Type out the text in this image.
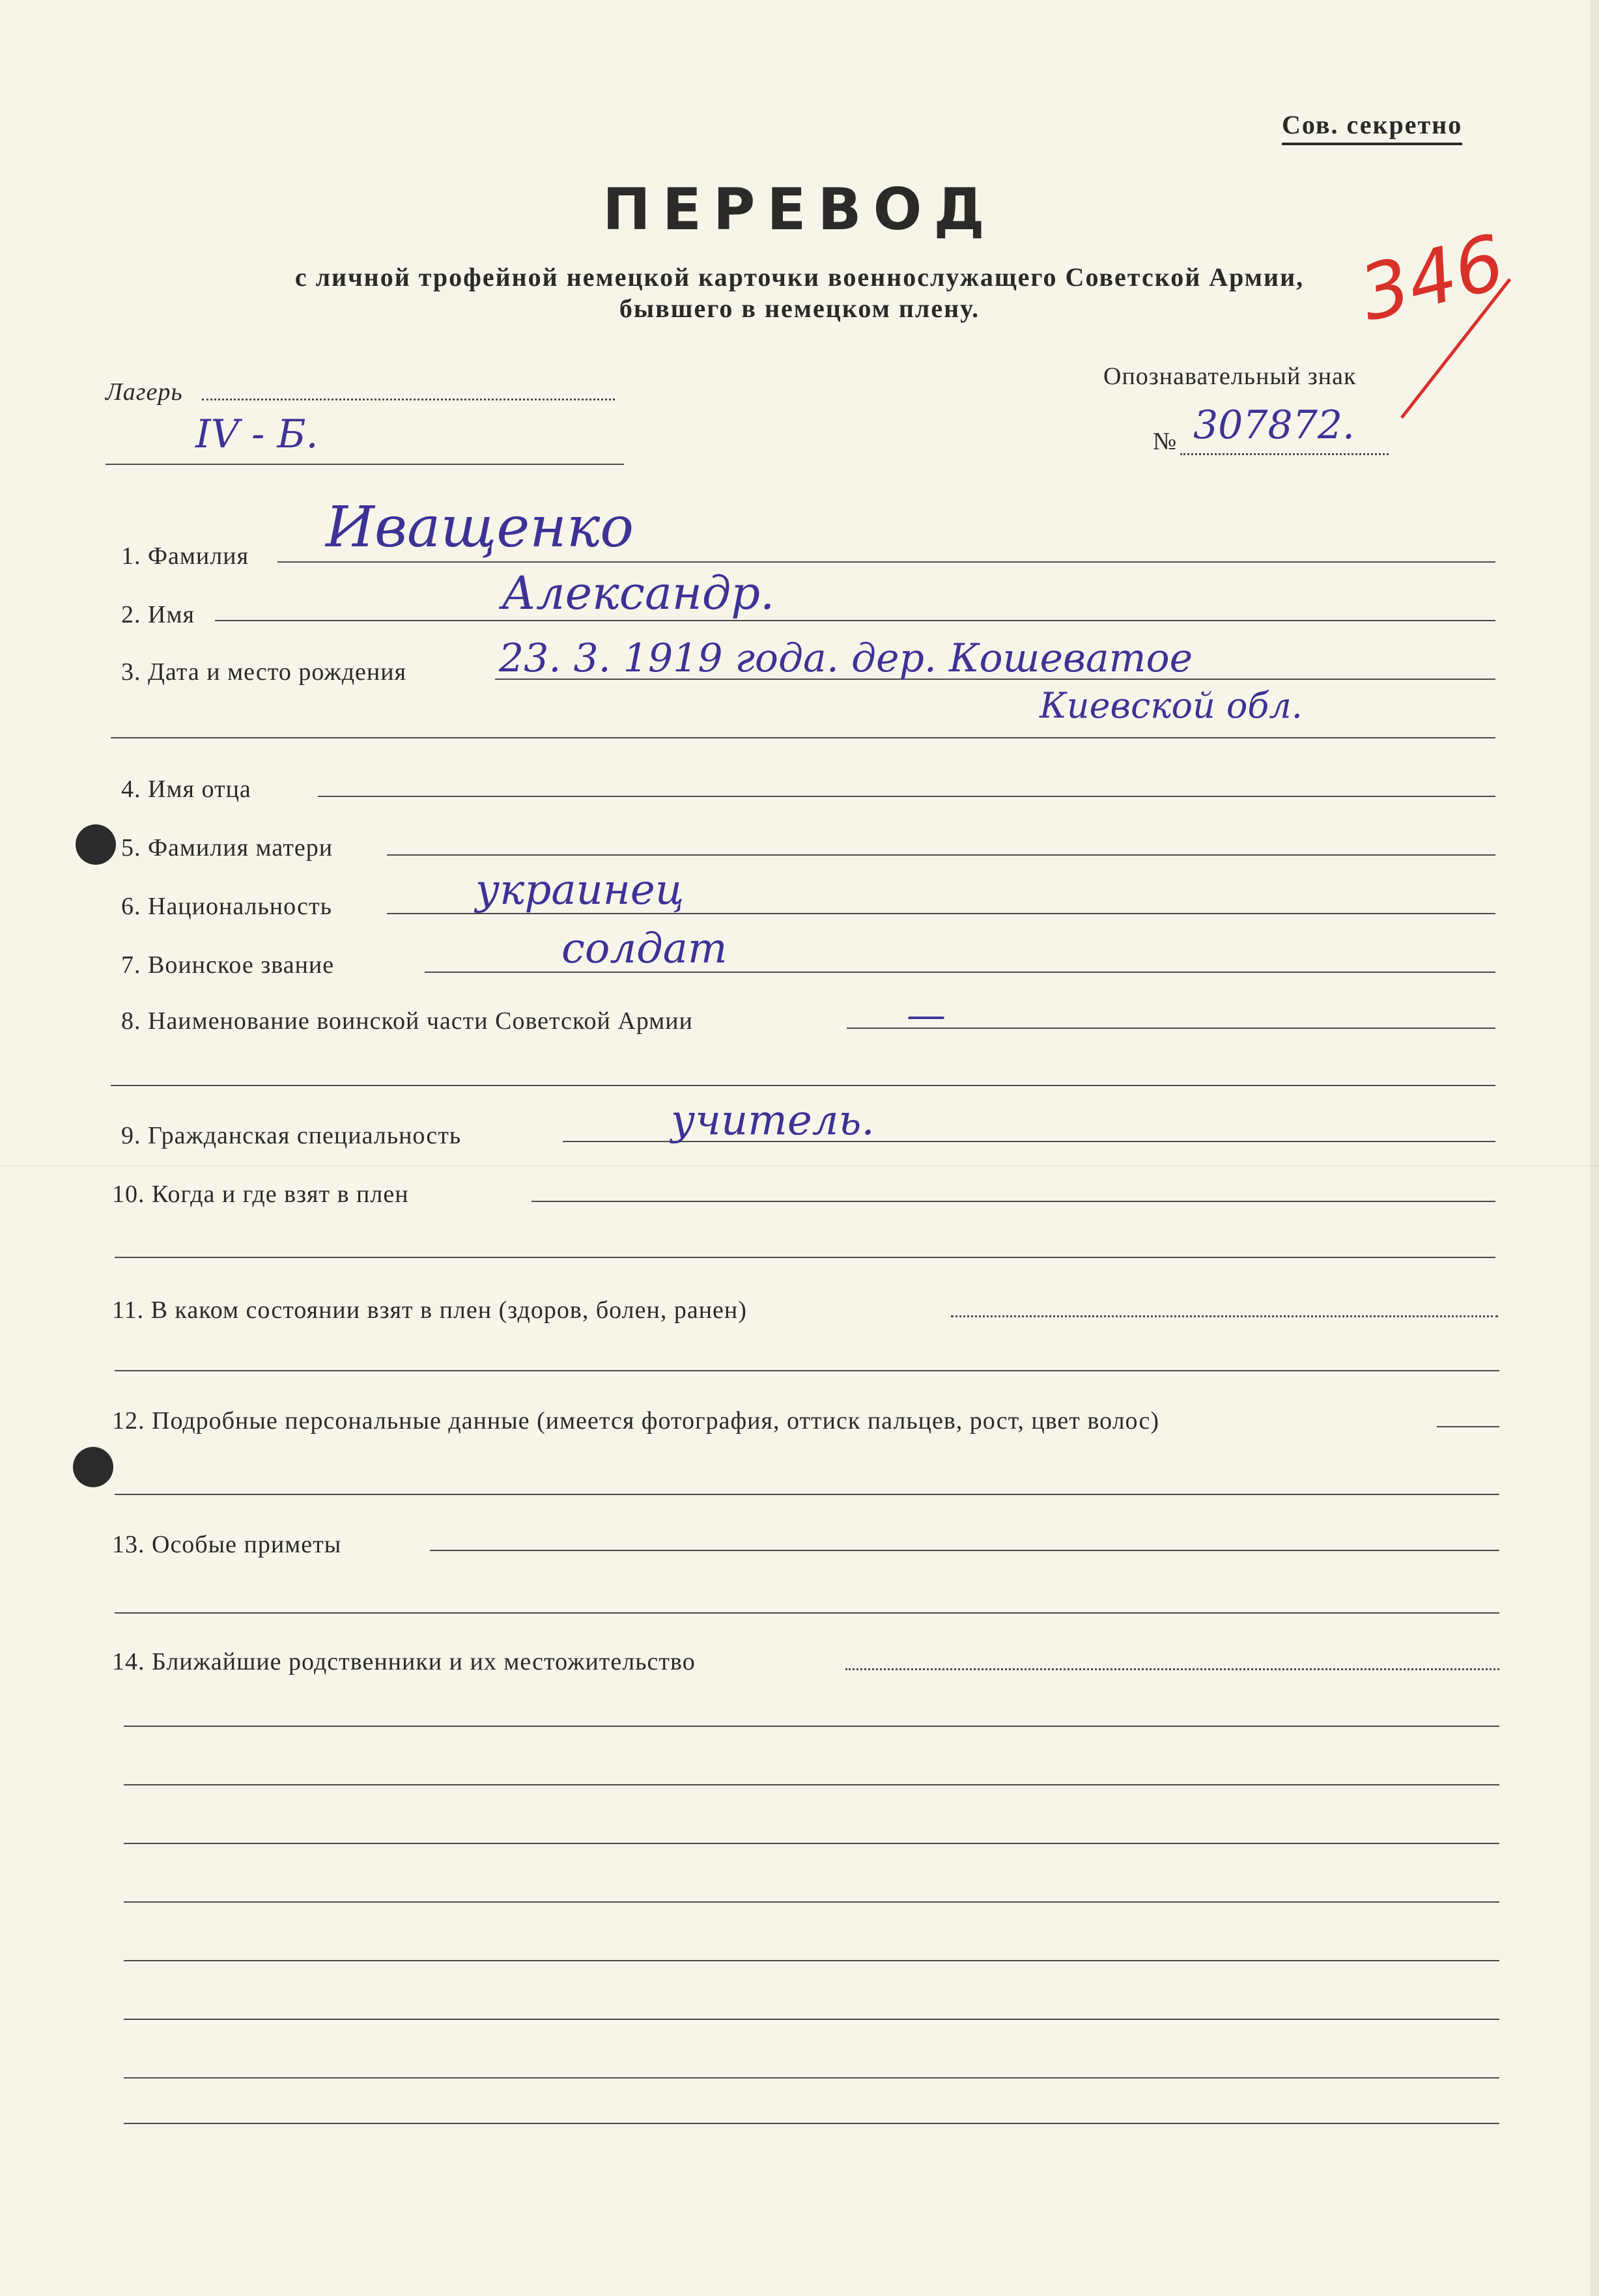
Сов. секретно
ПЕРЕВОД
с личной трофейной немецкой карточки военнослужащего Советской Армии,
бывшего в немецком плену.	346
Лагерь
IV - Б.
Опознавательный знак
№ 307872.
1. Фамилия Иващенко
2. Имя	Александр.
3. Дата и место рождения 23. 3. 1919 года. дер. Кошеватое
Киевской обл.
4. Имя отца
5. Фамилия матери
6. Национальность	украинец
7. Воинское звание	солдат
8. Наименование воинской части Советской Армии	—
9. Гражданская специальность	учитель.
10. Когда и где взят в плен
11. В каком состоянии взят в плен (здоров, болен, ранен)
12. Подробные персональные данные (имеется фотография, оттиск пальцев, рост, цвет волос)
13. Особые приметы
14. Ближайшие родственники и их местожительство
